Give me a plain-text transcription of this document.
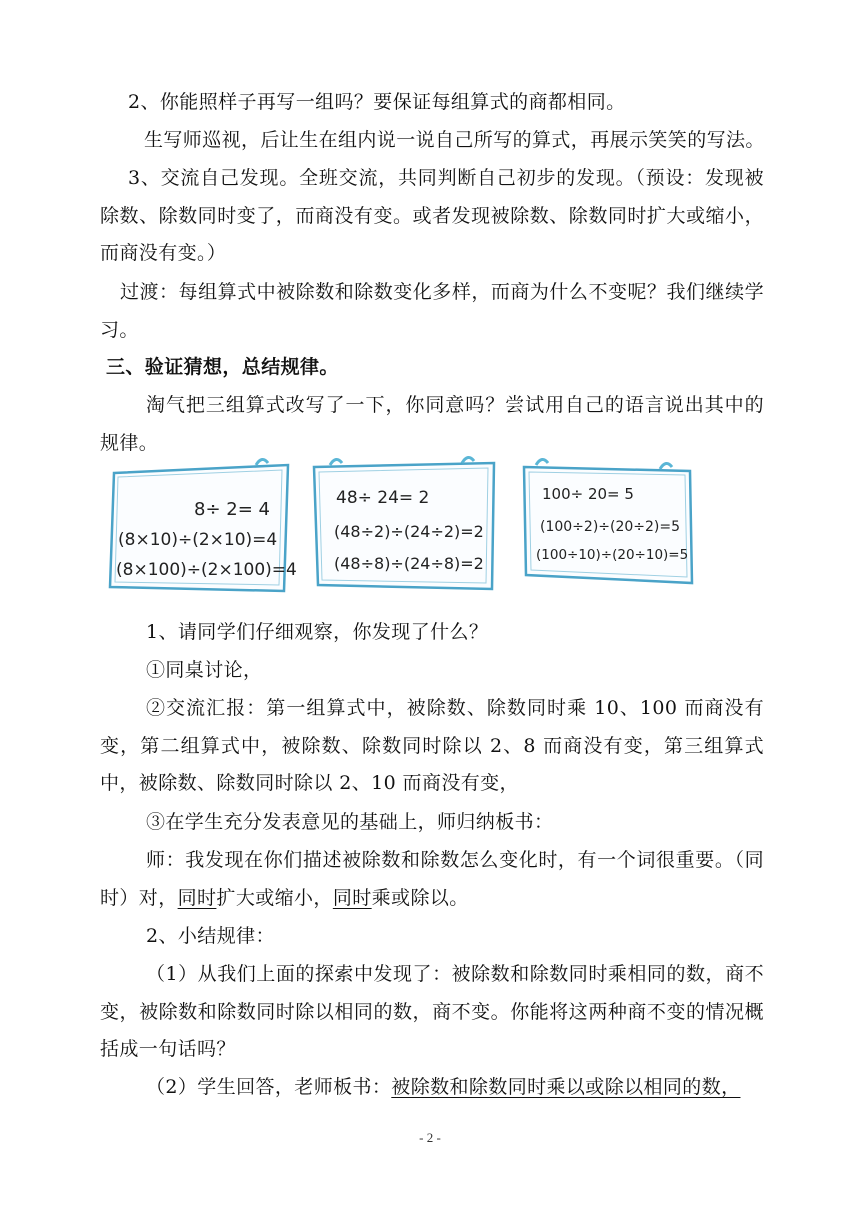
2、你能照样子再写一组吗？要保证每组算式的商都相同。

生写师巡视，后让生在组内说一说自己所写的算式，再展示笑笑的写法。

3、交流自己发现。全班交流，共同判断自己初步的发现。（预设：发现被除数、除数同时变了，而商没有变。或者发现被除数、除数同时扩大或缩小，而商没有变。）

过渡：每组算式中被除数和除数变化多样，而商为什么不变呢？我们继续学习。

三、验证猜想，总结规律。

淘气把三组算式改写了一下，你同意吗？尝试用自己的语言说出其中的规律。

8÷ 2= 4
(8×10)÷(2×10)=4
(8×100)÷(2×100)=4
48÷ 24= 2
(48÷2)÷(24÷2)=2
(48÷8)÷(24÷8)=2
100÷ 20= 5
(100÷2)÷(20÷2)=5
(100÷10)÷(20÷10)=5

1、请同学们仔细观察，你发现了什么？

①同桌讨论，

②交流汇报：第一组算式中，被除数、除数同时乘 10、100 而商没有变，第二组算式中，被除数、除数同时除以 2、8 而商没有变，第三组算式中，被除数、除数同时除以 2、10 而商没有变，

③在学生充分发表意见的基础上，师归纳板书：

师：我发现在你们描述被除数和除数怎么变化时，有一个词很重要。（同时）对，同时扩大或缩小，同时乘或除以。

2、小结规律：

（1）从我们上面的探索中发现了：被除数和除数同时乘相同的数，商不变，被除数和除数同时除以相同的数，商不变。你能将这两种商不变的情况概括成一句话吗？

（2）学生回答，老师板书：被除数和除数同时乘以或除以相同的数，

- 2 -
